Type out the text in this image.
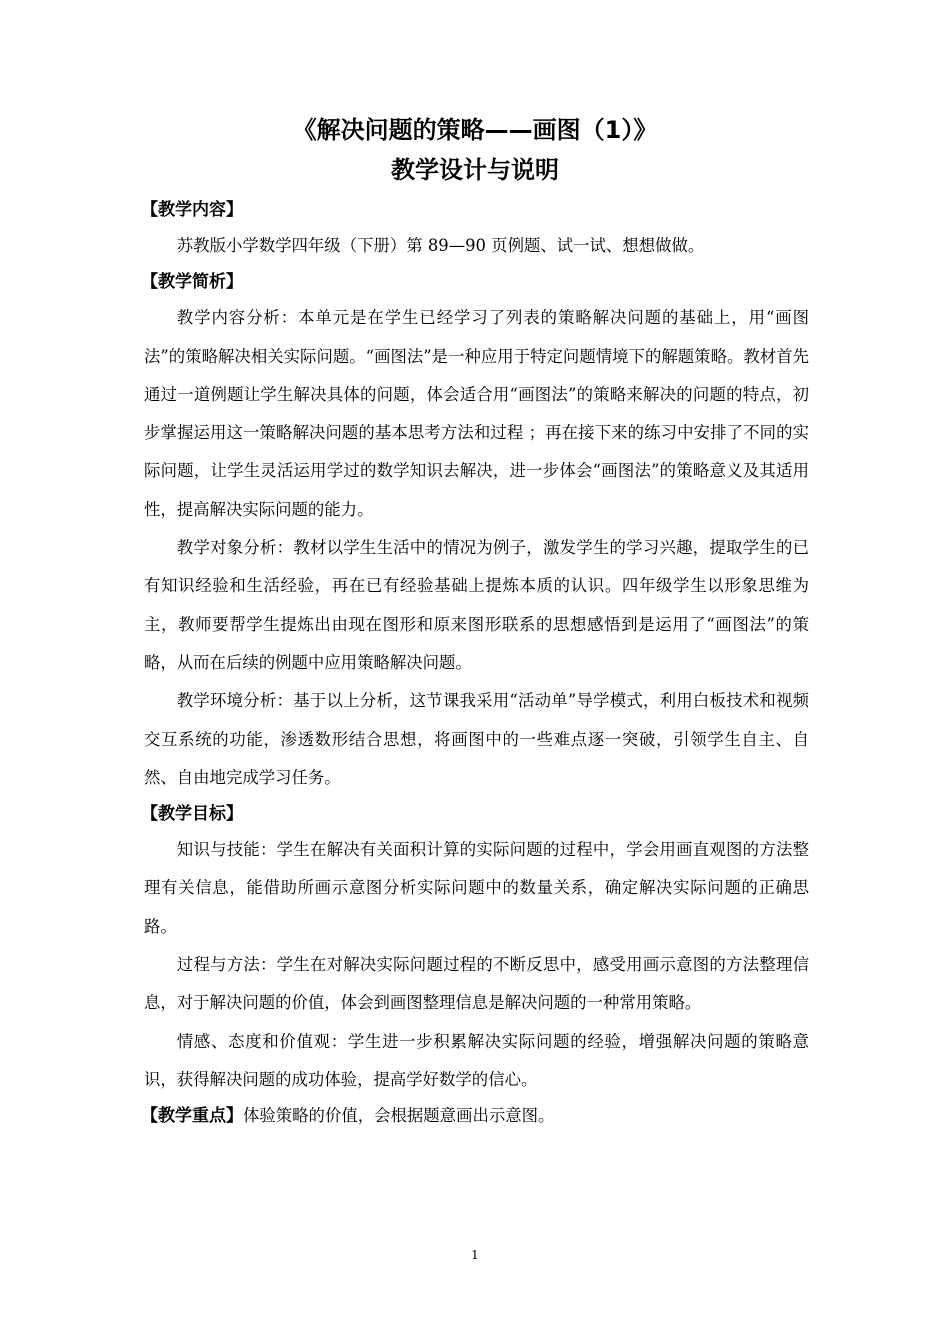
《解决问题的策略——画图（1）》
教学设计与说明
【教学内容】

苏教版小学数学四年级（下册）第 89—90 页例题、试一试、想想做做。

【教学简析】

教学内容分析：本单元是在学生已经学习了列表的策略解决问题的基础上，用“画图法”的策略解决相关实际问题。“画图法”是一种应用于特定问题情境下的解题策略。教材首先通过一道例题让学生解决具体的问题，体会适合用“画图法”的策略来解决的问题的特点，初步掌握运用这一策略解决问题的基本思考方法和过程 ；再在接下来的练习中安排了不同的实际问题，让学生灵活运用学过的数学知识去解决，进一步体会“画图法”的策略意义及其适用性，提高解决实际问题的能力。

教学对象分析：教材以学生生活中的情况为例子，激发学生的学习兴趣，提取学生的已有知识经验和生活经验，再在已有经验基础上提炼本质的认识。四年级学生以形象思维为主，教师要帮学生提炼出由现在图形和原来图形联系的思想感悟到是运用了“画图法”的策略，从而在后续的例题中应用策略解决问题。

教学环境分析：基于以上分析，这节课我采用“活动单”导学模式，利用白板技术和视频交互系统的功能，渗透数形结合思想，将画图中的一些难点逐一突破，引领学生自主、自然、自由地完成学习任务。

【教学目标】

知识与技能：学生在解决有关面积计算的实际问题的过程中，学会用画直观图的方法整理有关信息，能借助所画示意图分析实际问题中的数量关系，确定解决实际问题的正确思路。

过程与方法：学生在对解决实际问题过程的不断反思中，感受用画示意图的方法整理信息，对于解决问题的价值，体会到画图整理信息是解决问题的一种常用策略。

情感、态度和价值观：学生进一步积累解决实际问题的经验，增强解决问题的策略意识，获得解决问题的成功体验，提高学好数学的信心。

【教学重点】体验策略的价值，会根据题意画出示意图。
1
